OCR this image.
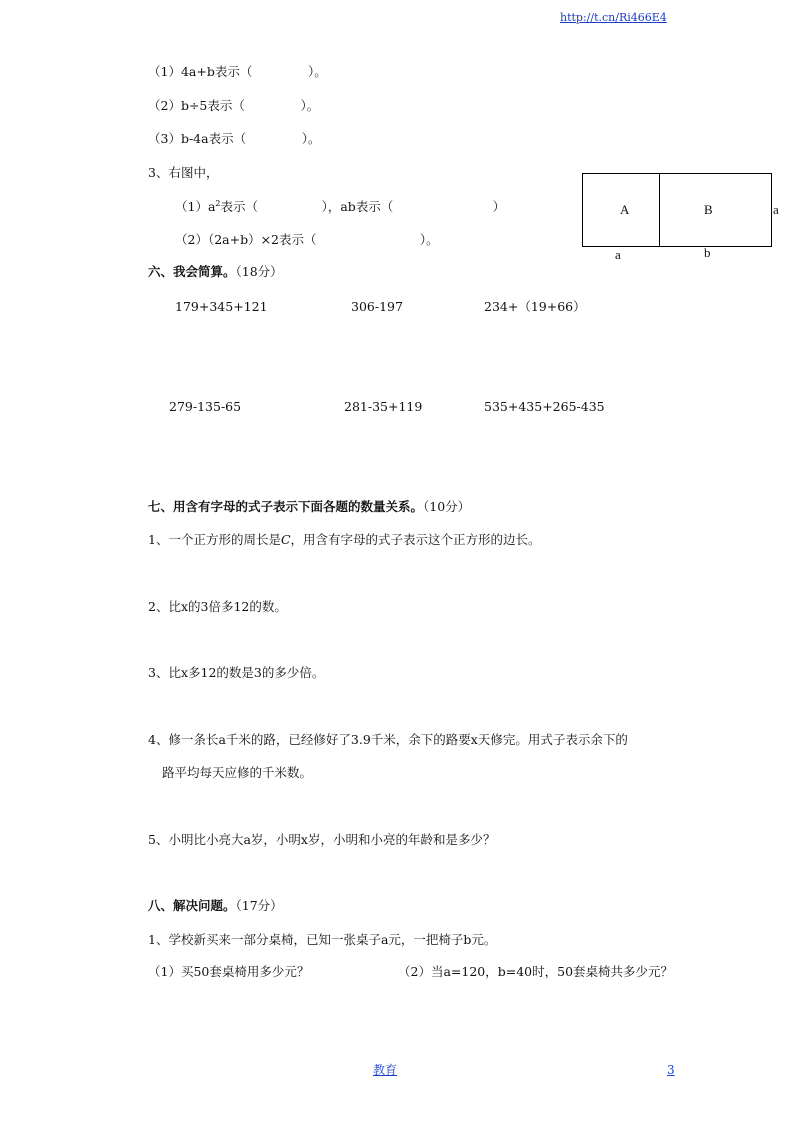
http://t.cn/Ri466E4
（1）4a+b表示（              ）。
（2）b÷5表示（              ）。
（3）b-4a表示（              ）。
3、右图中，
$(1)a^2$表示（                ），ab表示（                         ）
（2）（2a+b）×2表示（                          ）。
A	B	a
a	b
六、我会简算。（18分）
179+345+121	306-197	234+（19+66）
279-135-65	281-35+119	535+435+265-435
七、用含有字母的式子表示下面各题的数量关系。（10分）
1、一个正方形的周长是C，用含有字母的式子表示这个正方形的边长。
2、比x的3倍多12的数。
3、比x多12的数是3的多少倍。
4、修一条长a千米的路，已经修好了3.9千米，余下的路要x天修完。用式子表示余下的
路平均每天应修的千米数。
5、小明比小亮大a岁，小明x岁，小明和小亮的年龄和是多少？
八、解决问题。（17分）
1、学校新买来一部分桌椅，已知一张桌子a元，一把椅子b元。
（1）买50套桌椅用多少元？	（2）当a=120，b=40时，50套桌椅共多少元？
教育	3
